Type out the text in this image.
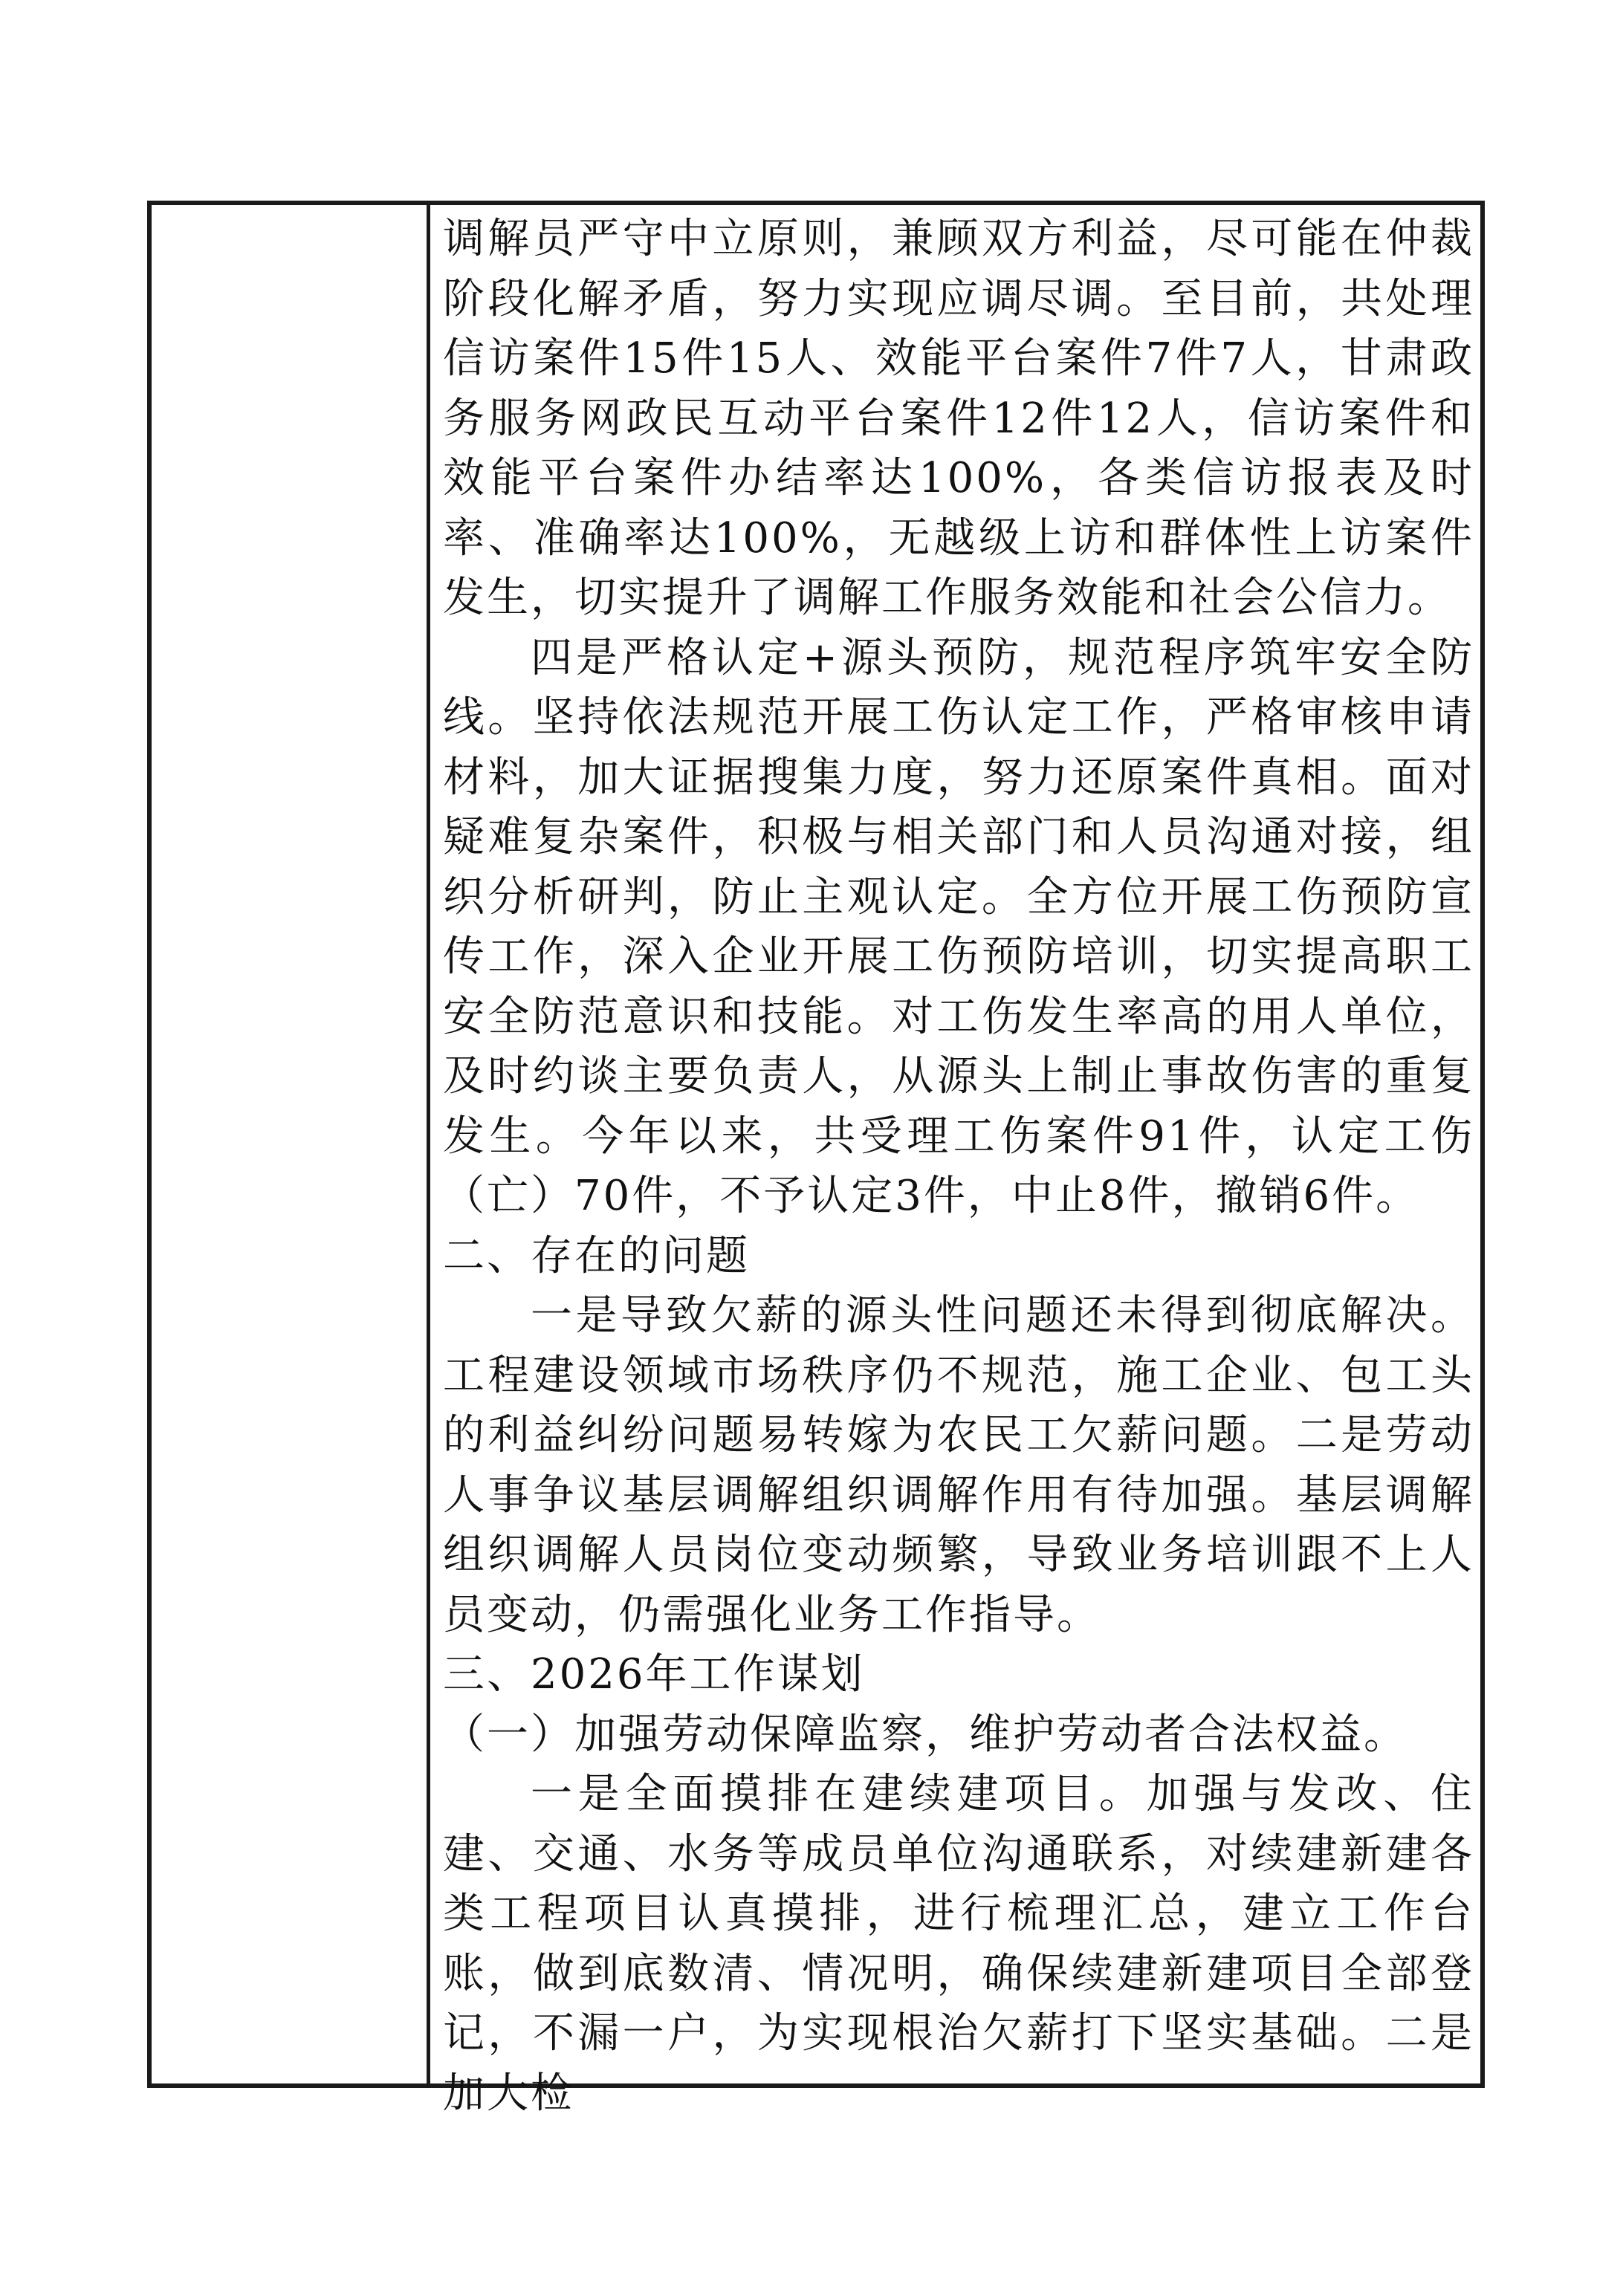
调解员严守中立原则，兼顾双方利益，尽可能在仲裁阶段化解矛盾，努力实现应调尽调。至目前，共处理信访案件15件15人、效能平台案件7件7人，甘肃政务服务网政民互动平台案件12件12人，信访案件和效能平台案件办结率达100%，各类信访报表及时率、准确率达100%，无越级上访和群体性上访案件发生，切实提升了调解工作服务效能和社会公信力。

四是严格认定+源头预防，规范程序筑牢安全防线。坚持依法规范开展工伤认定工作，严格审核申请材料，加大证据搜集力度，努力还原案件真相。面对疑难复杂案件，积极与相关部门和人员沟通对接，组织分析研判，防止主观认定。全方位开展工伤预防宣传工作，深入企业开展工伤预防培训，切实提高职工安全防范意识和技能。对工伤发生率高的用人单位，及时约谈主要负责人，从源头上制止事故伤害的重复发生。今年以来，共受理工伤案件91件，认定工伤（亡）70件，不予认定3件，中止8件，撤销6件。

二、存在的问题

一是导致欠薪的源头性问题还未得到彻底解决。工程建设领域市场秩序仍不规范，施工企业、包工头的利益纠纷问题易转嫁为农民工欠薪问题。二是劳动人事争议基层调解组织调解作用有待加强。基层调解组织调解人员岗位变动频繁，导致业务培训跟不上人员变动，仍需强化业务工作指导。

三、2026年工作谋划

（一）加强劳动保障监察，维护劳动者合法权益。

一是全面摸排在建续建项目。加强与发改、住建、交通、水务等成员单位沟通联系，对续建新建各类工程项目认真摸排，进行梳理汇总，建立工作台账，做到底数清、情况明，确保续建新建项目全部登记，不漏一户，为实现根治欠薪打下坚实基础。二是加大检
